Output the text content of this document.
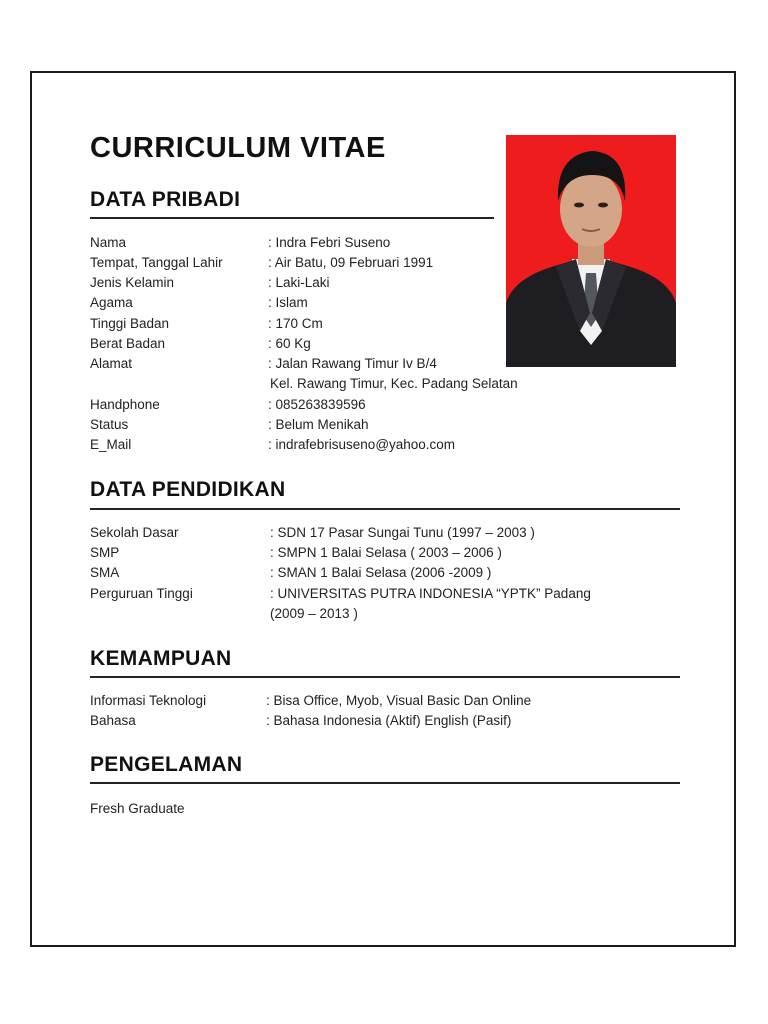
CURRICULUM VITAE
DATA PRIBADI
Nama	: Indra Febri Suseno
Tempat, Tanggal Lahir	: Air Batu, 09 Februari 1991
Jenis Kelamin	: Laki-Laki
Agama	: Islam
Tinggi Badan	: 170 Cm
Berat Badan	: 60 Kg
Alamat	: Jalan Rawang Timur Iv B/4
Kel. Rawang Timur, Kec. Padang Selatan
Handphone	: 085263839596
Status	: Belum Menikah
E_Mail	: indrafebrisuseno@yahoo.com
DATA PENDIDIKAN
Sekolah Dasar	: SDN 17 Pasar Sungai Tunu (1997 – 2003 )
SMP	: SMPN 1 Balai Selasa ( 2003 – 2006 )
SMA	: SMAN 1 Balai Selasa (2006 -2009 )
Perguruan Tinggi	: UNIVERSITAS PUTRA INDONESIA “YPTK” Padang
(2009 – 2013 )
KEMAMPUAN
Informasi Teknologi	: Bisa Office, Myob, Visual Basic Dan Online
Bahasa	: Bahasa Indonesia (Aktif) English (Pasif)
PENGELAMAN
Fresh Graduate
